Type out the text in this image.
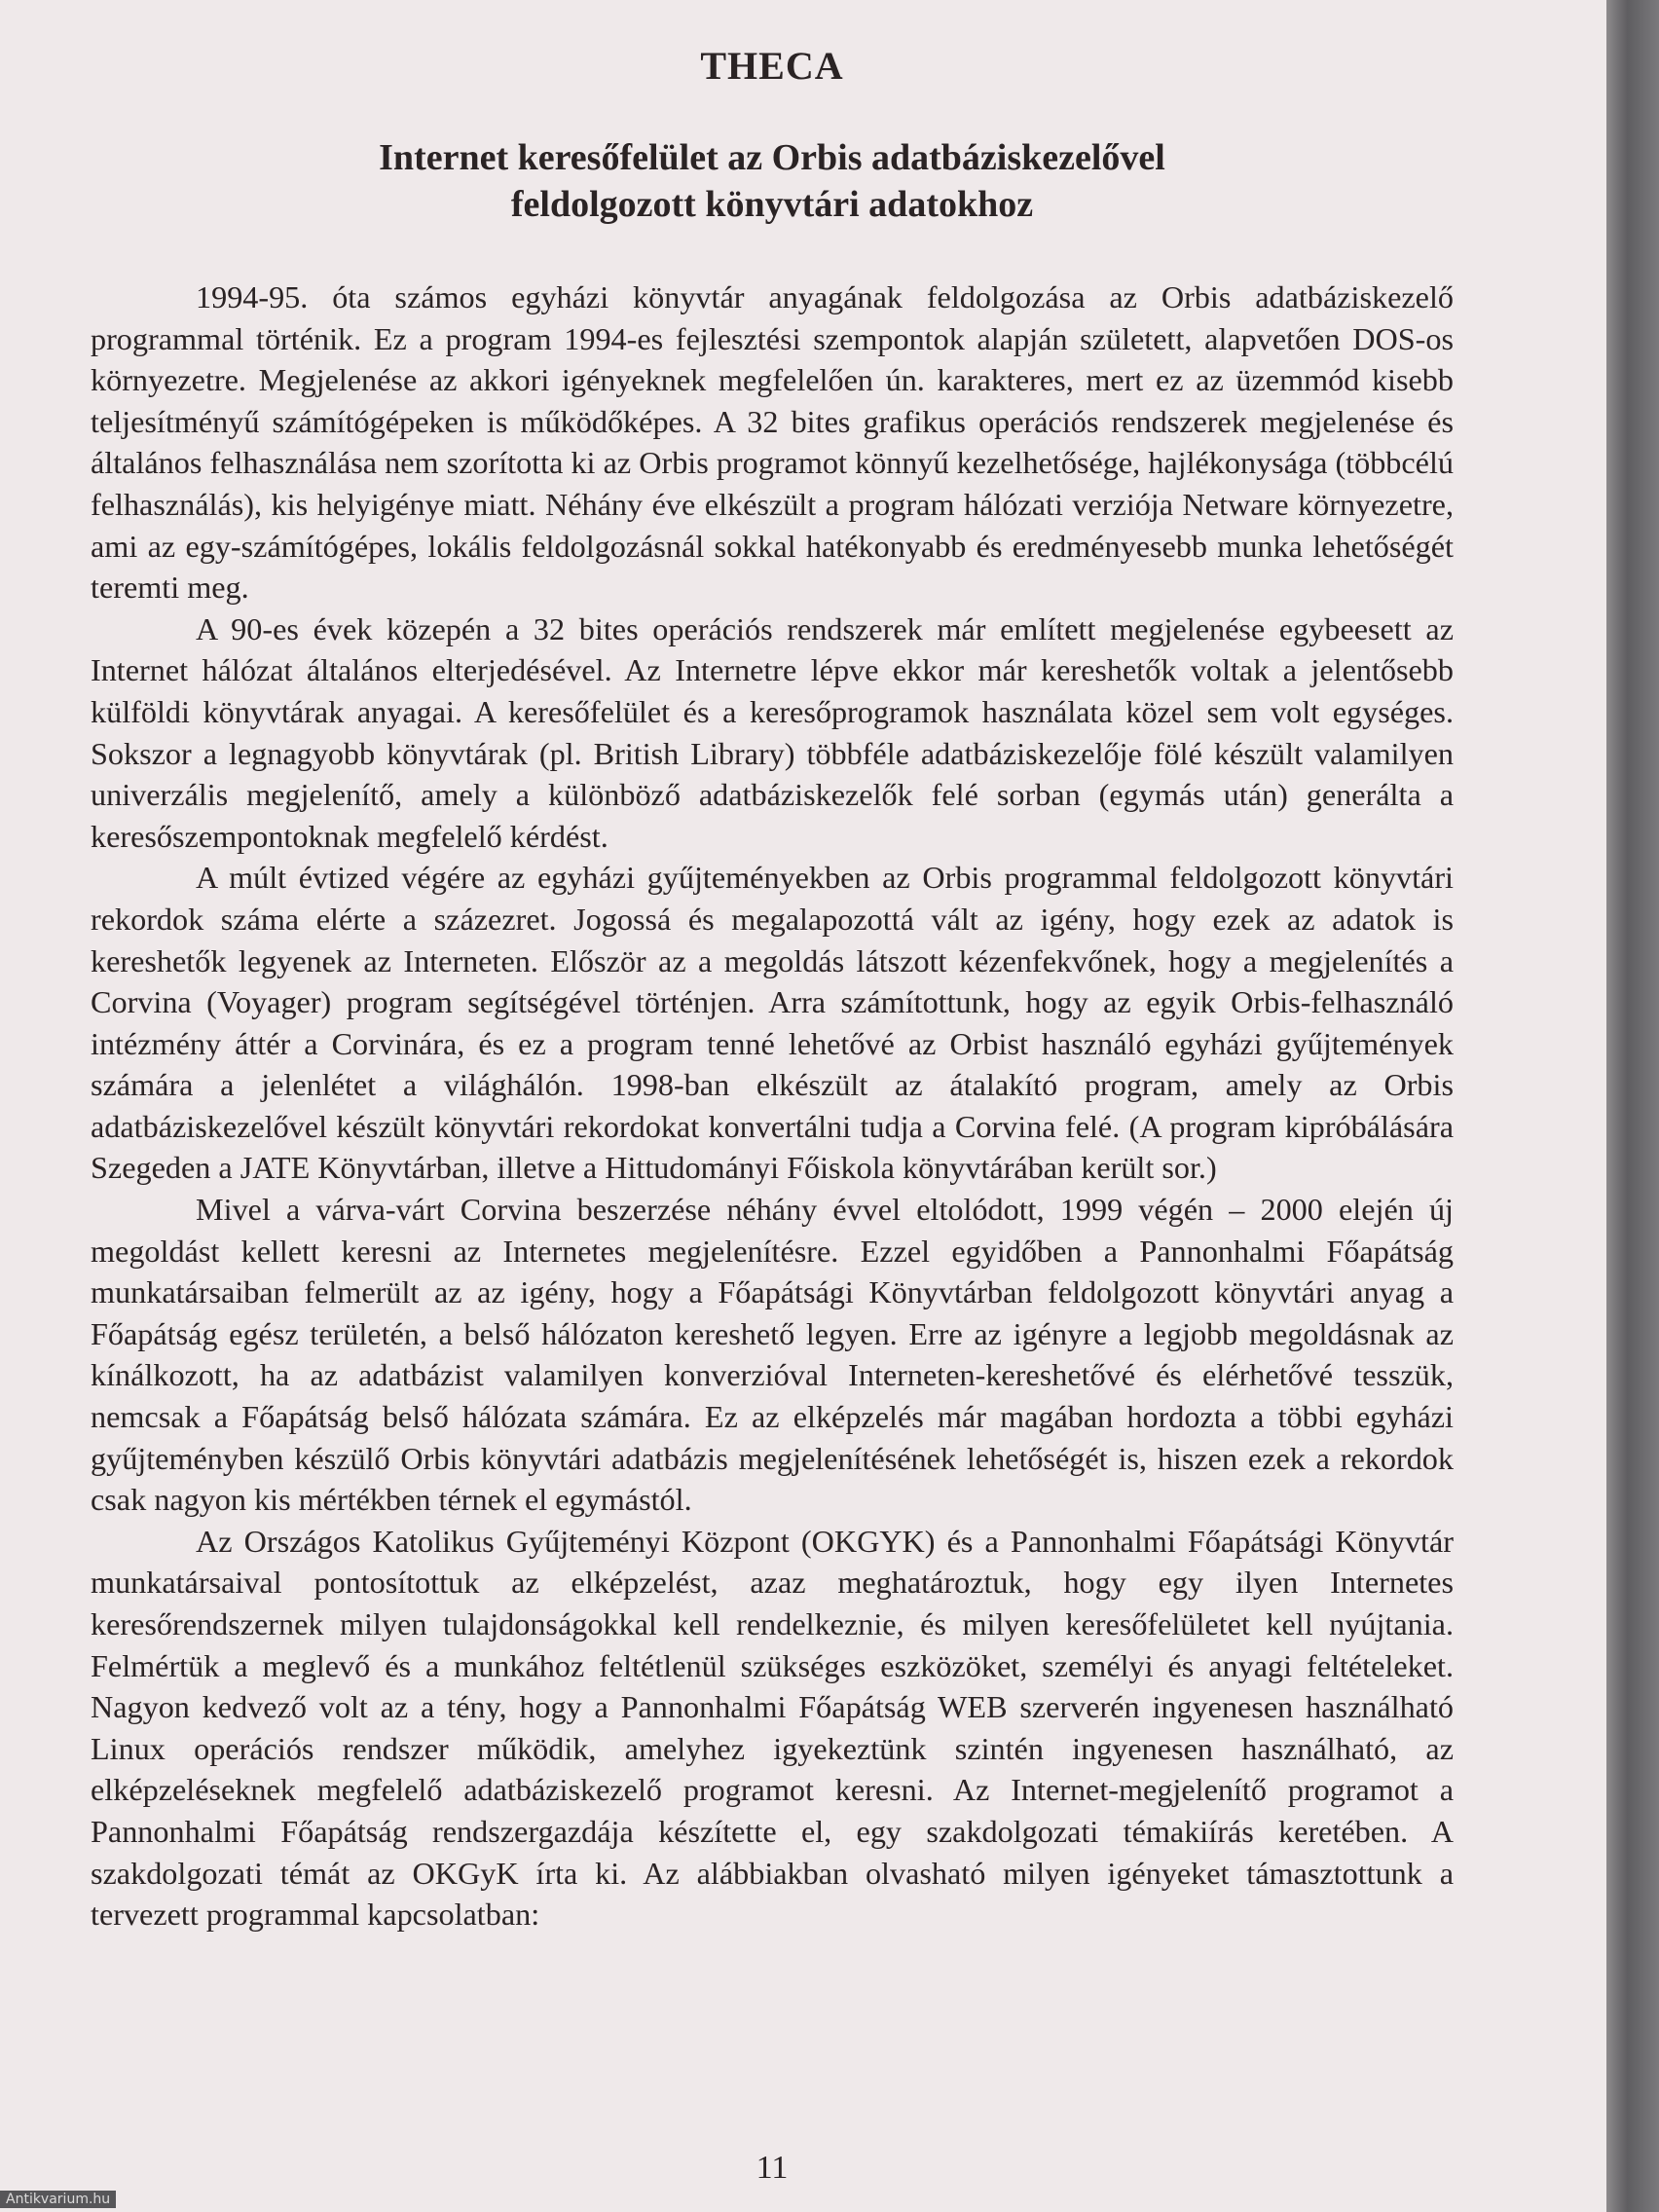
THECA
Internet keresőfelület az Orbis adatbáziskezelővel
feldolgozott könyvtári adatokhoz

1994-95. óta számos egyházi könyvtár anyagának feldolgozása az Orbis adatbáziskezelő programmal történik. Ez a program 1994-es fejlesztési szempontok alapján született, alapvetően DOS-os környezetre. Megjelenése az akkori igényeknek megfelelően ún. karakteres, mert ez az üzemmód kisebb teljesítményű számítógépeken is működőképes. A 32 bites grafikus operációs rendszerek megjelenése és általános felhasználása nem szorította ki az Orbis programot könnyű kezelhetősége, hajlékonysága (többcélú felhasználás), kis helyigénye miatt. Néhány éve elkészült a program hálózati verziója Netware környezetre, ami az egy-számítógépes, lokális feldolgozásnál sokkal hatékonyabb és eredményesebb munka lehetőségét teremti meg.

A 90-es évek közepén a 32 bites operációs rendszerek már említett megjelenése egybeesett az Internet hálózat általános elterjedésével. Az Internetre lépve ekkor már kereshetők voltak a jelentősebb külföldi könyvtárak anyagai. A keresőfelület és a keresőprogramok használata közel sem volt egységes. Sokszor a legnagyobb könyvtárak (pl. British Library) többféle adatbáziskezelője fölé készült valamilyen univerzális megjelenítő, amely a különböző adatbáziskezelők felé sorban (egymás után) generálta a keresőszempontoknak megfelelő kérdést.

A múlt évtized végére az egyházi gyűjteményekben az Orbis programmal feldolgozott könyvtári rekordok száma elérte a százezret. Jogossá és megalapozottá vált az igény, hogy ezek az adatok is kereshetők legyenek az Interneten. Először az a megoldás látszott kézenfekvőnek, hogy a megjelenítés a Corvina (Voyager) program segítségével történjen. Arra számítottunk, hogy az egyik Orbis-felhasználó intézmény áttér a Corvinára, és ez a program tenné lehetővé az Orbist használó egyházi gyűjtemények számára a jelenlétet a világhálón. 1998-ban elkészült az átalakító program, amely az Orbis adatbáziskezelővel készült könyvtári rekordokat konvertálni tudja a Corvina felé. (A program kipróbálására Szegeden a JATE Könyvtárban, illetve a Hittudományi Főiskola könyvtárában került sor.)

Mivel a várva-várt Corvina beszerzése néhány évvel eltolódott, 1999 végén – 2000 elején új megoldást kellett keresni az Internetes megjelenítésre. Ezzel egyidőben a Pannonhalmi Főapátság munkatársaiban felmerült az az igény, hogy a Főapátsági Könyvtárban feldolgozott könyvtári anyag a Főapátság egész területén, a belső hálózaton kereshető legyen. Erre az igényre a legjobb megoldásnak az kínálkozott, ha az adatbázist valamilyen konverzióval Interneten-kereshetővé és elérhetővé tesszük, nemcsak a Főapátság belső hálózata számára. Ez az elképzelés már magában hordozta a többi egyházi gyűjteményben készülő Orbis könyvtári adatbázis megjelenítésének lehetőségét is, hiszen ezek a rekordok csak nagyon kis mértékben térnek el egymástól.

Az Országos Katolikus Gyűjteményi Központ (OKGYK) és a Pannonhalmi Főapátsági Könyvtár munkatársaival pontosítottuk az elképzelést, azaz meghatároztuk, hogy egy ilyen Internetes keresőrendszernek milyen tulajdonságokkal kell rendelkeznie, és milyen keresőfelületet kell nyújtania. Felmértük a meglevő és a munkához feltétlenül szükséges eszközöket, személyi és anyagi feltételeket. Nagyon kedvező volt az a tény, hogy a Pannonhalmi Főapátság WEB szerverén ingyenesen használható Linux operációs rendszer működik, amelyhez igyekeztünk szintén ingyenesen használható, az elképzeléseknek megfelelő adatbáziskezelő programot keresni. Az Internet-megjelenítő programot a Pannonhalmi Főapátság rendszergazdája készítette el, egy szakdolgozati témakiírás keretében. A szakdolgozati témát az OKGyK írta ki. Az alábbiakban olvasható milyen igényeket támasztottunk a tervezett programmal kapcsolatban:

11
Antikvarium.hu
